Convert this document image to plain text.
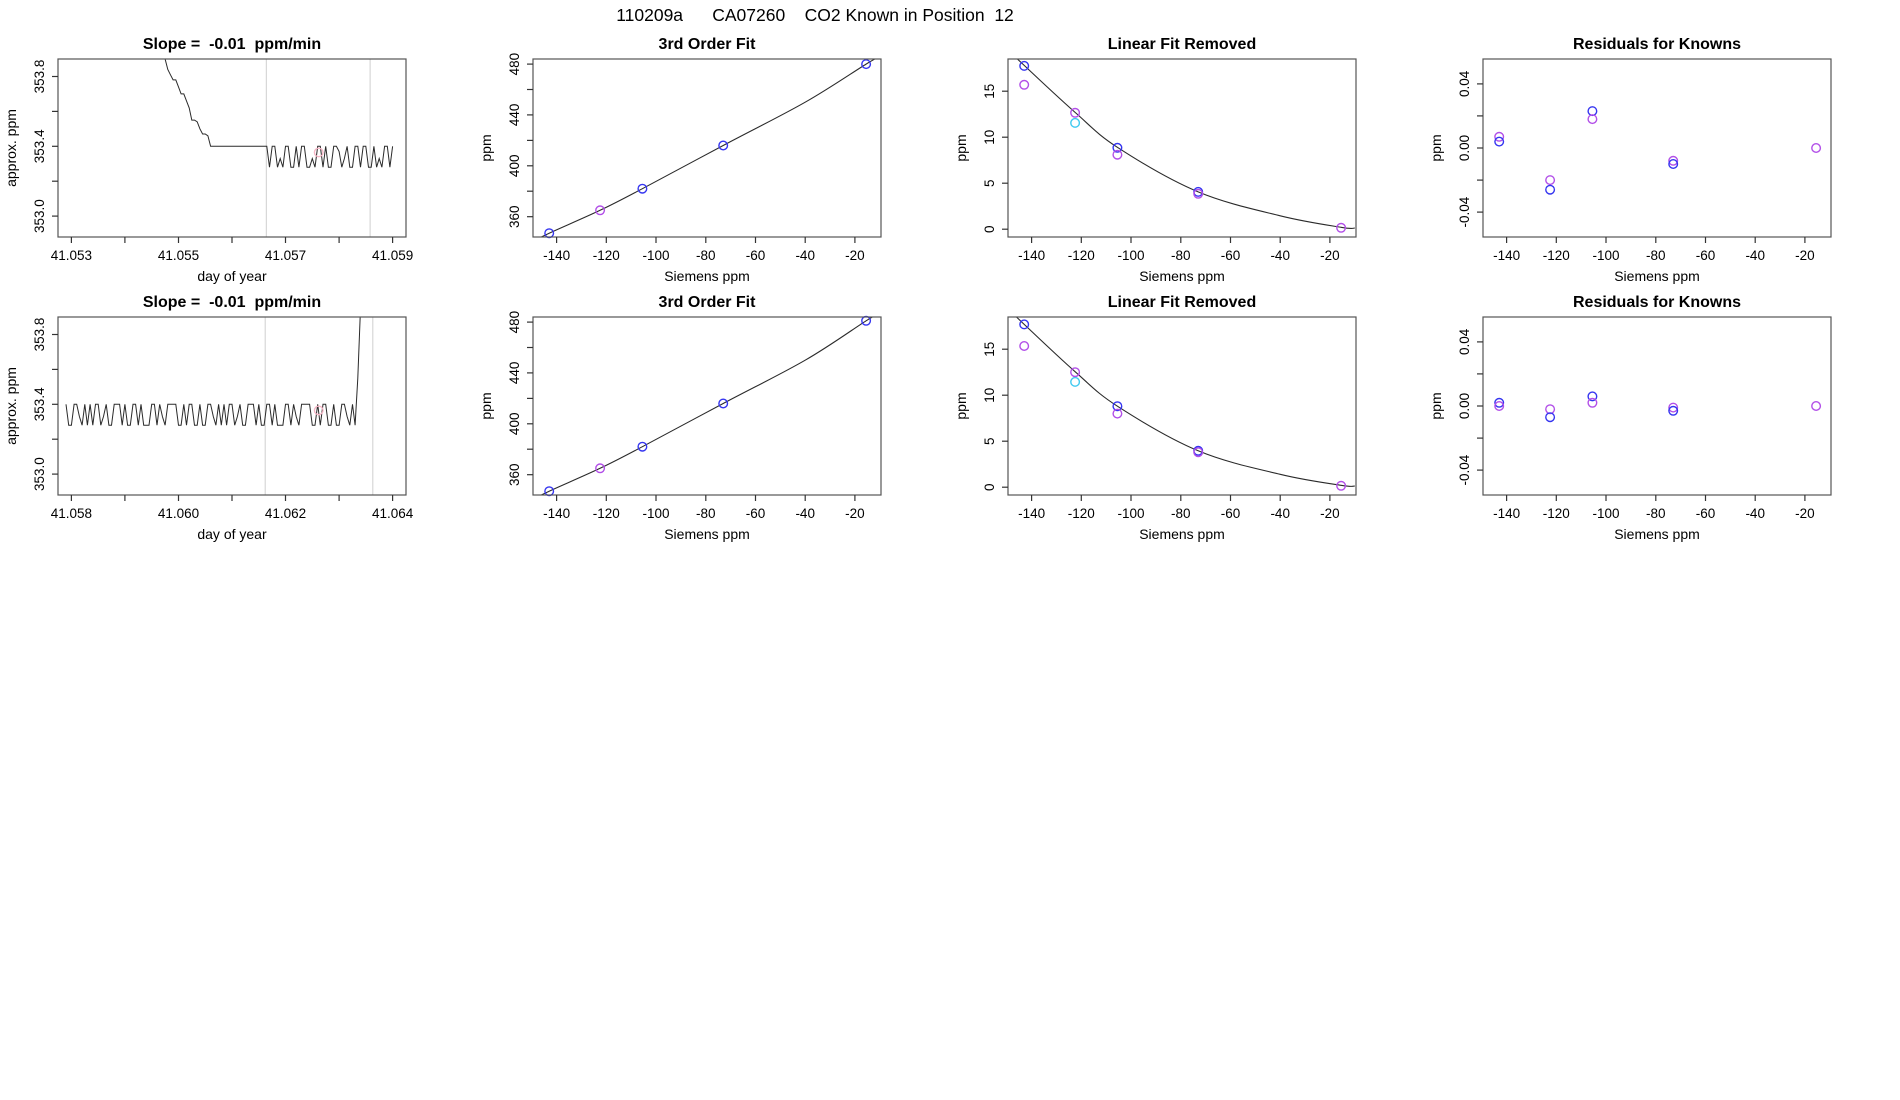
110209a      CA07260    CO2 Known in Position  12
41.053	41.055	41.057	41.059
353.0
353.4
353.8
Slope =  -0.01  ppm/min
day of year
approx. ppm
-140 -120 -100 -80 -60 -40 -20
360
400
440
480
3rd Order Fit
Siemens ppm
ppm
-140 -120 -100 -80 -60 -40 -20
0
5
10
15
Linear Fit Removed
Siemens ppm
ppm
-140 -120 -100 -80 -60 -40 -20
-0.04
0.00
0.04
Residuals for Knowns
Siemens ppm
ppm
41.058	41.060	41.062	41.064
353.0
353.4
353.8
Slope =  -0.01  ppm/min
day of year
approx. ppm
-140 -120 -100 -80 -60 -40 -20
360
400
440
480
3rd Order Fit
Siemens ppm
ppm
-140 -120 -100 -80 -60 -40 -20
0
5
10
15
Linear Fit Removed
Siemens ppm
ppm
-140 -120 -100 -80 -60 -40 -20
-0.04
0.00
0.04
Residuals for Knowns
Siemens ppm
ppm
